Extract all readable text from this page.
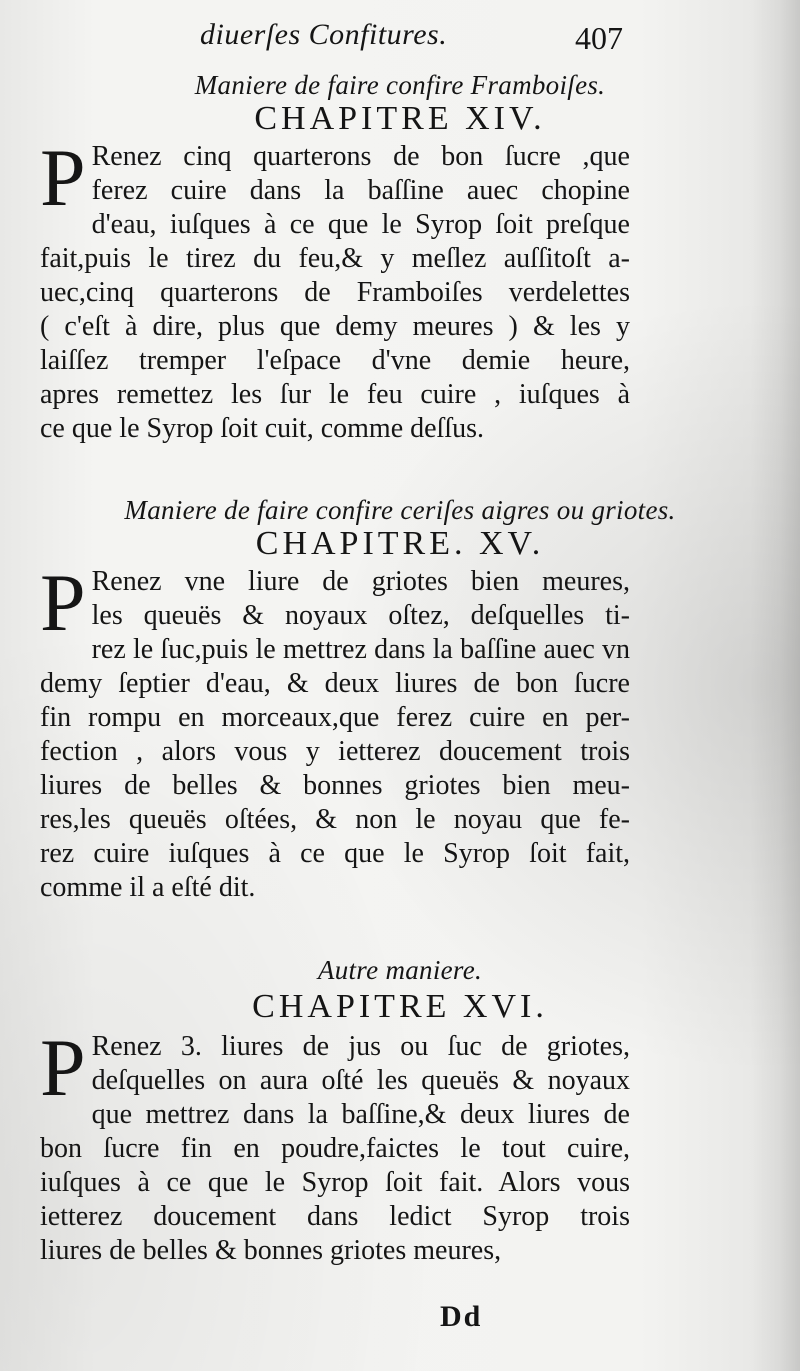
diuerſes Confitures.	407
Maniere de faire confire Framboiſes.
CHAPITRE XIV.
P Renez cinq quarterons de bon ſucre ,que
ferez cuire dans la baſſine auec chopine
d'eau, iuſques à ce que le Syrop ſoit preſque
fait,puis le tirez du feu,& y meſlez auſſitoſt a-
uec,cinq quarterons de Framboiſes verdelettes
( c'eſt à dire, plus que demy meures ) & les y
laiſſez tremper l'eſpace d'vne demie heure,
apres remettez les ſur le feu cuire , iuſques à
ce que le Syrop ſoit cuit, comme deſſus.
Maniere de faire confire ceriſes aigres ou griotes.
CHAPITRE. XV.
P Renez vne liure de griotes bien meures,
les queuës & noyaux oſtez, deſquelles ti-
rez le ſuc,puis le mettrez dans la baſſine auec vn
demy ſeptier d'eau, & deux liures de bon ſucre
fin rompu en morceaux,que ferez cuire en per-
fection , alors vous y ietterez doucement trois
liures de belles & bonnes griotes bien meu-
res,les queuës oſtées, & non le noyau que fe-
rez cuire iuſques à ce que le Syrop ſoit fait,
comme il a eſté dit.
Autre maniere.
CHAPITRE XVI.
P Renez 3. liures de jus ou ſuc de griotes,
deſquelles on aura oſté les queuës & noyaux
que mettrez dans la baſſine,& deux liures de
bon ſucre fin en poudre,faictes le tout cuire,
iuſques à ce que le Syrop ſoit fait. Alors vous
ietterez doucement dans ledict Syrop trois
liures de belles & bonnes griotes meures,
Dd
